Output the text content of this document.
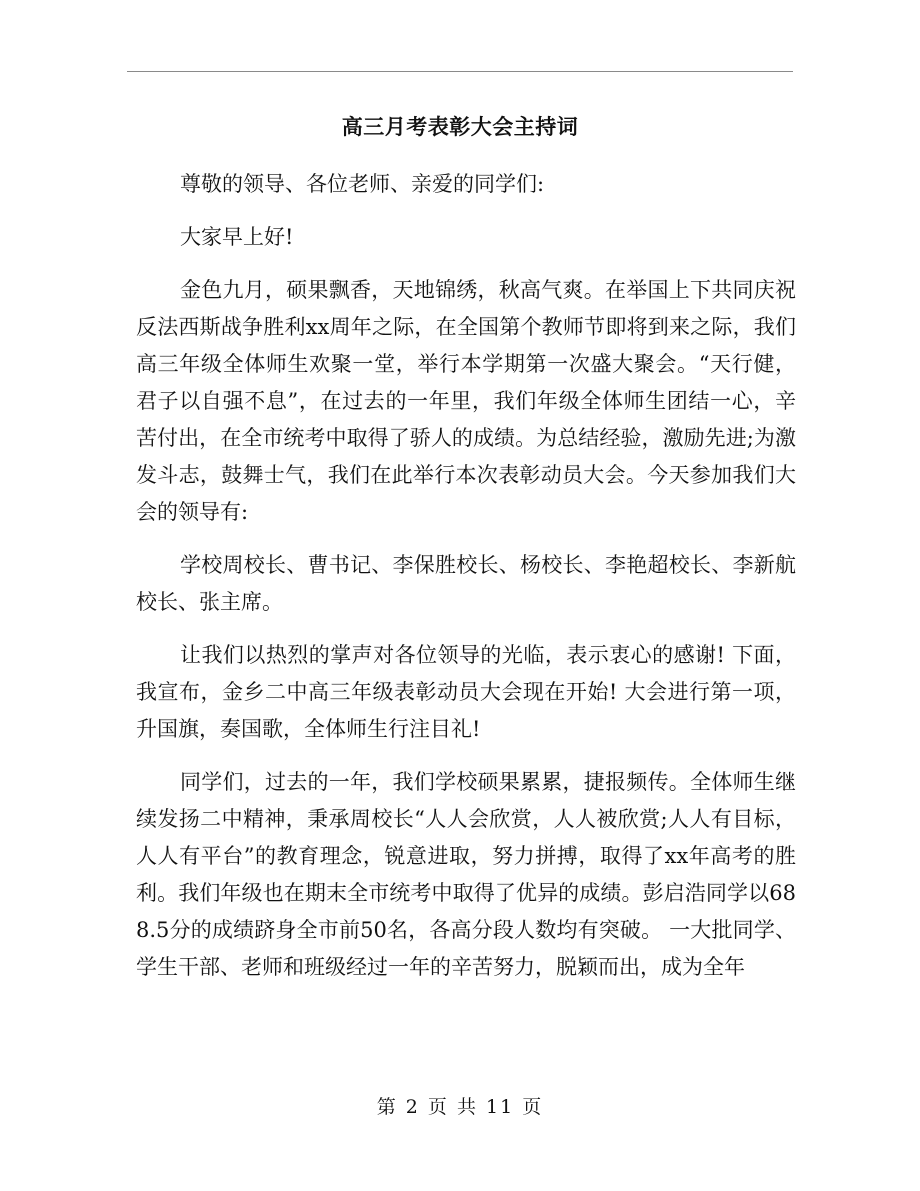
高三月考表彰大会主持词

尊敬的领导、各位老师、亲爱的同学们:

大家早上好!

金色九月，硕果飘香，天地锦绣，秋高气爽。在举国上下共同庆祝反法西斯战争胜利xx周年之际，在全国第个教师节即将到来之际，我们高三年级全体师生欢聚一堂，举行本学期第一次盛大聚会。“天行健，君子以自强不息”，在过去的一年里，我们年级全体师生团结一心，辛苦付出，在全市统考中取得了骄人的成绩。为总结经验，激励先进;为激发斗志，鼓舞士气，我们在此举行本次表彰动员大会。今天参加我们大会的领导有:

学校周校长、曹书记、李保胜校长、杨校长、李艳超校长、李新航校长、张主席。

让我们以热烈的掌声对各位领导的光临，表示衷心的感谢! 下面，我宣布，金乡二中高三年级表彰动员大会现在开始! 大会进行第一项，升国旗，奏国歌，全体师生行注目礼!

同学们，过去的一年，我们学校硕果累累，捷报频传。全体师生继续发扬二中精神，秉承周校长“人人会欣赏，人人被欣赏;人人有目标，人人有平台”的教育理念，锐意进取，努力拼搏，取得了xx年高考的胜利。我们年级也在期末全市统考中取得了优异的成绩。彭启浩同学以688.5分的成绩跻身全市前50名，各高分段人数均有突破。 一大批同学、学生干部、老师和班级经过一年的辛苦努力，脱颖而出，成为全年

第 2 页 共 11 页
